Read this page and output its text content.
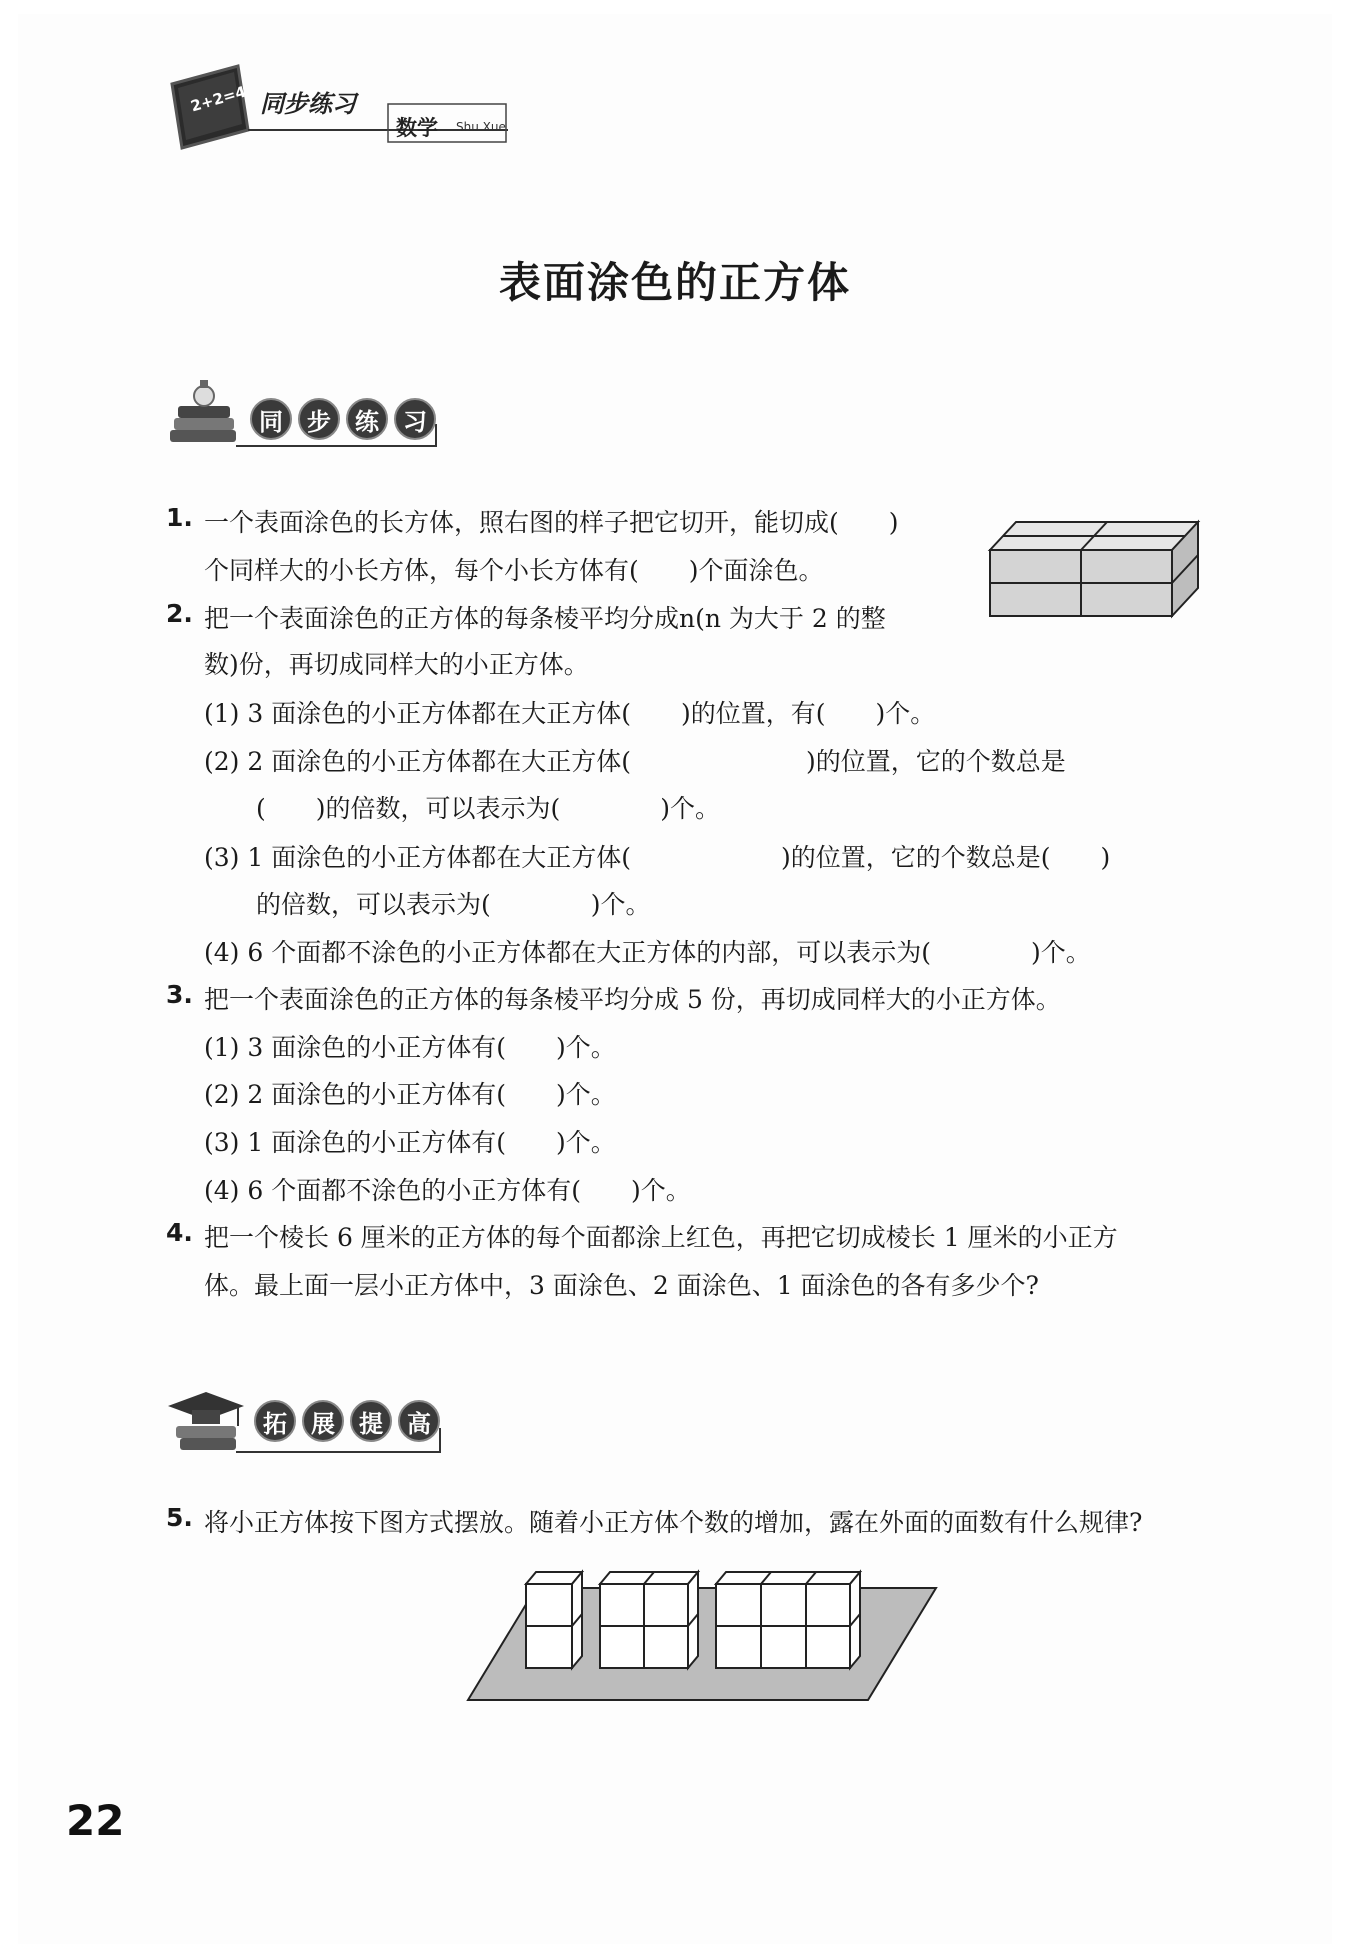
2+2=4 同步练习
数学 Shu Xue
表面涂色的正方体
同	步	练	习
1. 一个表面涂色的长方体，照右图的样子把它切开，能切成(　　)
个同样大的小长方体，每个小长方体有(　　)个面涂色。
2. 把一个表面涂色的正方体的每条棱平均分成n(n 为大于 2 的整
数)份，再切成同样大的小正方体。
(1) 3 面涂色的小正方体都在大正方体(　　)的位置，有(　　)个。
(2) 2 面涂色的小正方体都在大正方体(　　　　　　　)的位置，它的个数总是
(　　)的倍数，可以表示为(　　　　)个。
(3) 1 面涂色的小正方体都在大正方体(　　　　　　)的位置，它的个数总是(　　)
的倍数，可以表示为(　　　　)个。
(4) 6 个面都不涂色的小正方体都在大正方体的内部，可以表示为(　　　　)个。
3. 把一个表面涂色的正方体的每条棱平均分成 5 份，再切成同样大的小正方体。
(1) 3 面涂色的小正方体有(　　)个。
(2) 2 面涂色的小正方体有(　　)个。
(3) 1 面涂色的小正方体有(　　)个。
(4) 6 个面都不涂色的小正方体有(　　)个。
4. 把一个棱长 6 厘米的正方体的每个面都涂上红色，再把它切成棱长 1 厘米的小正方
体。最上面一层小正方体中，3 面涂色、2 面涂色、1 面涂色的各有多少个?
拓	展	提	高
5. 将小正方体按下图方式摆放。随着小正方体个数的增加，露在外面的面数有什么规律?
22
